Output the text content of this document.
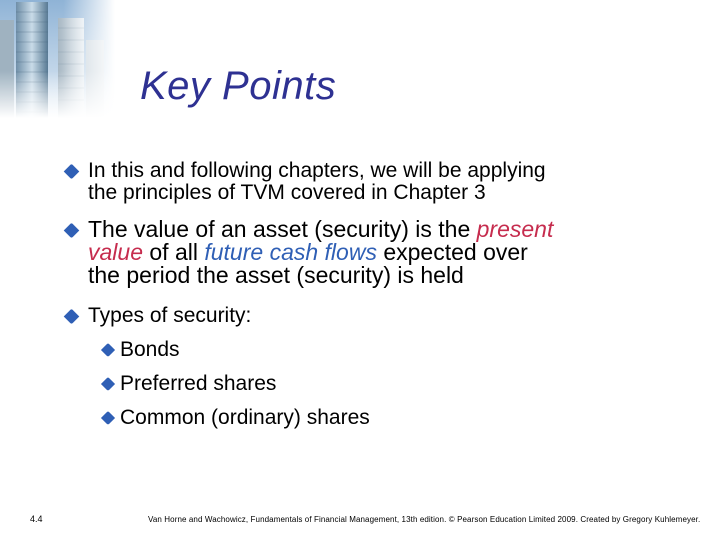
Key Points
In this and following chapters, we will be applying
the principles of TVM covered in Chapter 3
The value of an asset (security) is the present
value of all future cash flows expected over
the period the asset (security) is held
Types of security:
Bonds
Preferred shares
Common (ordinary) shares
4.4	Van Horne and Wachowicz, Fundamentals of Financial Management, 13th edition. © Pearson Education Limited 2009. Created by Gregory Kuhlemeyer.
